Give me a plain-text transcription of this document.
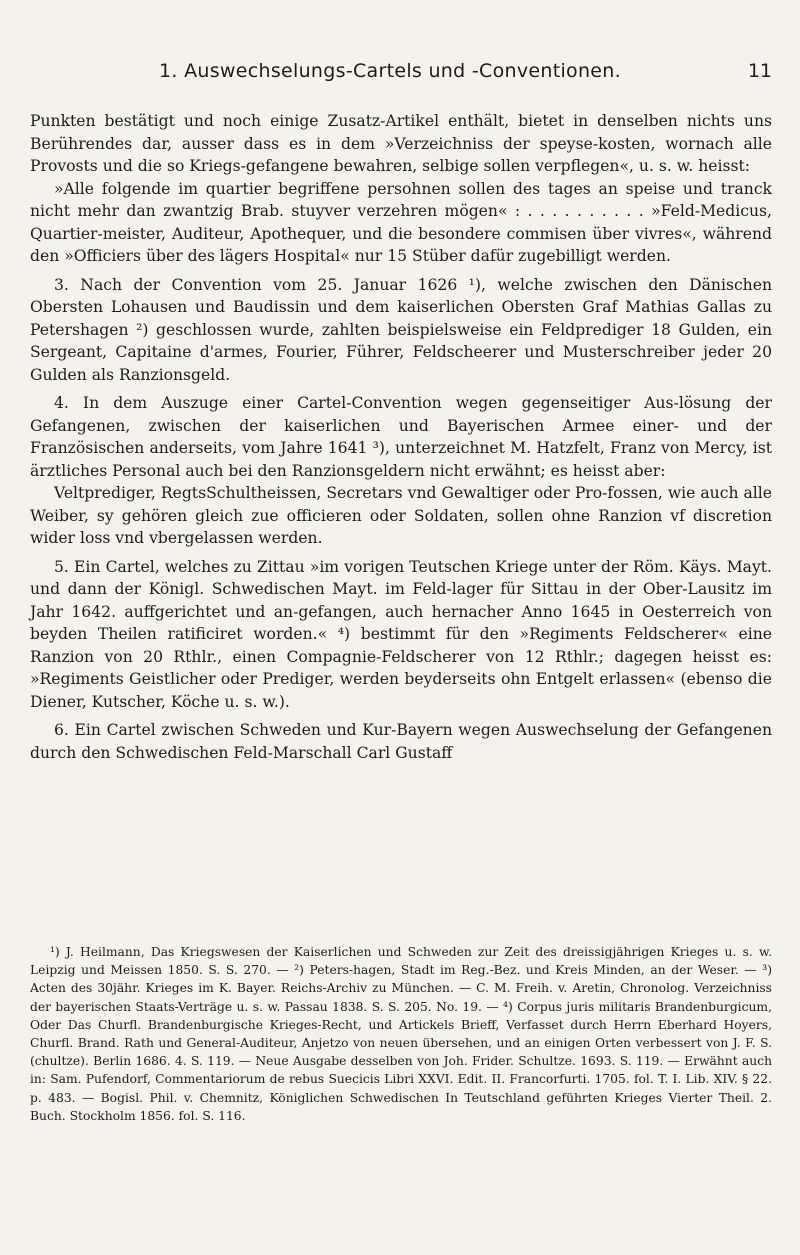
1. Auswechselungs-Cartels und -Conventionen.	11

Punkten bestätigt und noch einige Zusatz-Artikel enthält, bietet in denselben nichts uns Berührendes dar, ausser dass es in dem »Verzeichniss der speyse-kosten, wornach alle Provosts und die so Kriegs-gefangene bewahren, selbige sollen verpflegen«, u. s. w. heisst:

»Alle folgende im quartier begriffene persohnen sollen des tages an speise und tranck nicht mehr dan zwantzig Brab. stuyver verzehren mögen« : . . . . . . . . . . »Feld-Medicus, Quartier-meister, Auditeur, Apothequer, und die besondere commisen über vivres«, während den »Officiers über des lägers Hospital« nur 15 Stüber dafür zugebilligt werden.

3. Nach der Convention vom 25. Januar 1626 ¹), welche zwischen den Dänischen Obersten Lohausen und Baudissin und dem kaiserlichen Obersten Graf Mathias Gallas zu Petershagen ²) geschlossen wurde, zahlten beispielsweise ein Feldprediger 18 Gulden, ein Sergeant, Capitaine d'armes, Fourier, Führer, Feldscheerer und Musterschreiber jeder 20 Gulden als Ranzionsgeld.

4. In dem Auszuge einer Cartel-Convention wegen gegenseitiger Aus-lösung der Gefangenen, zwischen der kaiserlichen und Bayerischen Armee einer- und der Französischen anderseits, vom Jahre 1641 ³), unterzeichnet M. Hatzfelt, Franz von Mercy, ist ärztliches Personal auch bei den Ranzionsgeldern nicht erwähnt; es heisst aber:

Veltprediger, RegtsSchultheissen, Secretars vnd Gewaltiger oder Pro-fossen, wie auch alle Weiber, sy gehören gleich zue officieren oder Soldaten, sollen ohne Ranzion vf discretion wider loss vnd vbergelassen werden.

5. Ein Cartel, welches zu Zittau »im vorigen Teutschen Kriege unter der Röm. Käys. Mayt. und dann der Königl. Schwedischen Mayt. im Feld-lager für Sittau in der Ober-Lausitz im Jahr 1642. auffgerichtet und an-gefangen, auch hernacher Anno 1645 in Oesterreich von beyden Theilen ratificiret worden.« ⁴) bestimmt für den »Regiments Feldscherer« eine Ranzion von 20 Rthlr., einen Compagnie-Feldscherer von 12 Rthlr.; dagegen heisst es: »Regiments Geistlicher oder Prediger, werden beyderseits ohn Entgelt erlassen« (ebenso die Diener, Kutscher, Köche u. s. w.).

6. Ein Cartel zwischen Schweden und Kur-Bayern wegen Auswechselung der Gefangenen durch den Schwedischen Feld-Marschall Carl Gustaff

¹) J. Heilmann, Das Kriegswesen der Kaiserlichen und Schweden zur Zeit des dreissigjährigen Krieges u. s. w. Leipzig und Meissen 1850. S. S. 270. — ²) Peters-hagen, Stadt im Reg.-Bez. und Kreis Minden, an der Weser. — ³) Acten des 30jähr. Krieges im K. Bayer. Reichs-Archiv zu München. — C. M. Freih. v. Aretin, Chronolog. Verzeichniss der bayerischen Staats-Verträge u. s. w. Passau 1838. S. S. 205. No. 19. — ⁴) Corpus juris militaris Brandenburgicum, Oder Das Churfl. Brandenburgische Krieges-Recht, und Artickels Brieff, Verfasset durch Herrn Eberhard Hoyers, Churfl. Brand. Rath und General-Auditeur, Anjetzo von neuen übersehen, und an einigen Orten verbessert von J. F. S.(chultze). Berlin 1686. 4. S. 119. — Neue Ausgabe desselben von Joh. Frider. Schultze. 1693. S. 119. — Erwähnt auch in: Sam. Pufendorf, Commentariorum de rebus Suecicis Libri XXVI. Edit. II. Francorfurti. 1705. fol. T. I. Lib. XIV. § 22. p. 483. — Bogisl. Phil. v. Chemnitz, Königlichen Schwedischen In Teutschland geführten Krieges Vierter Theil. 2. Buch. Stockholm 1856. fol. S. 116.
